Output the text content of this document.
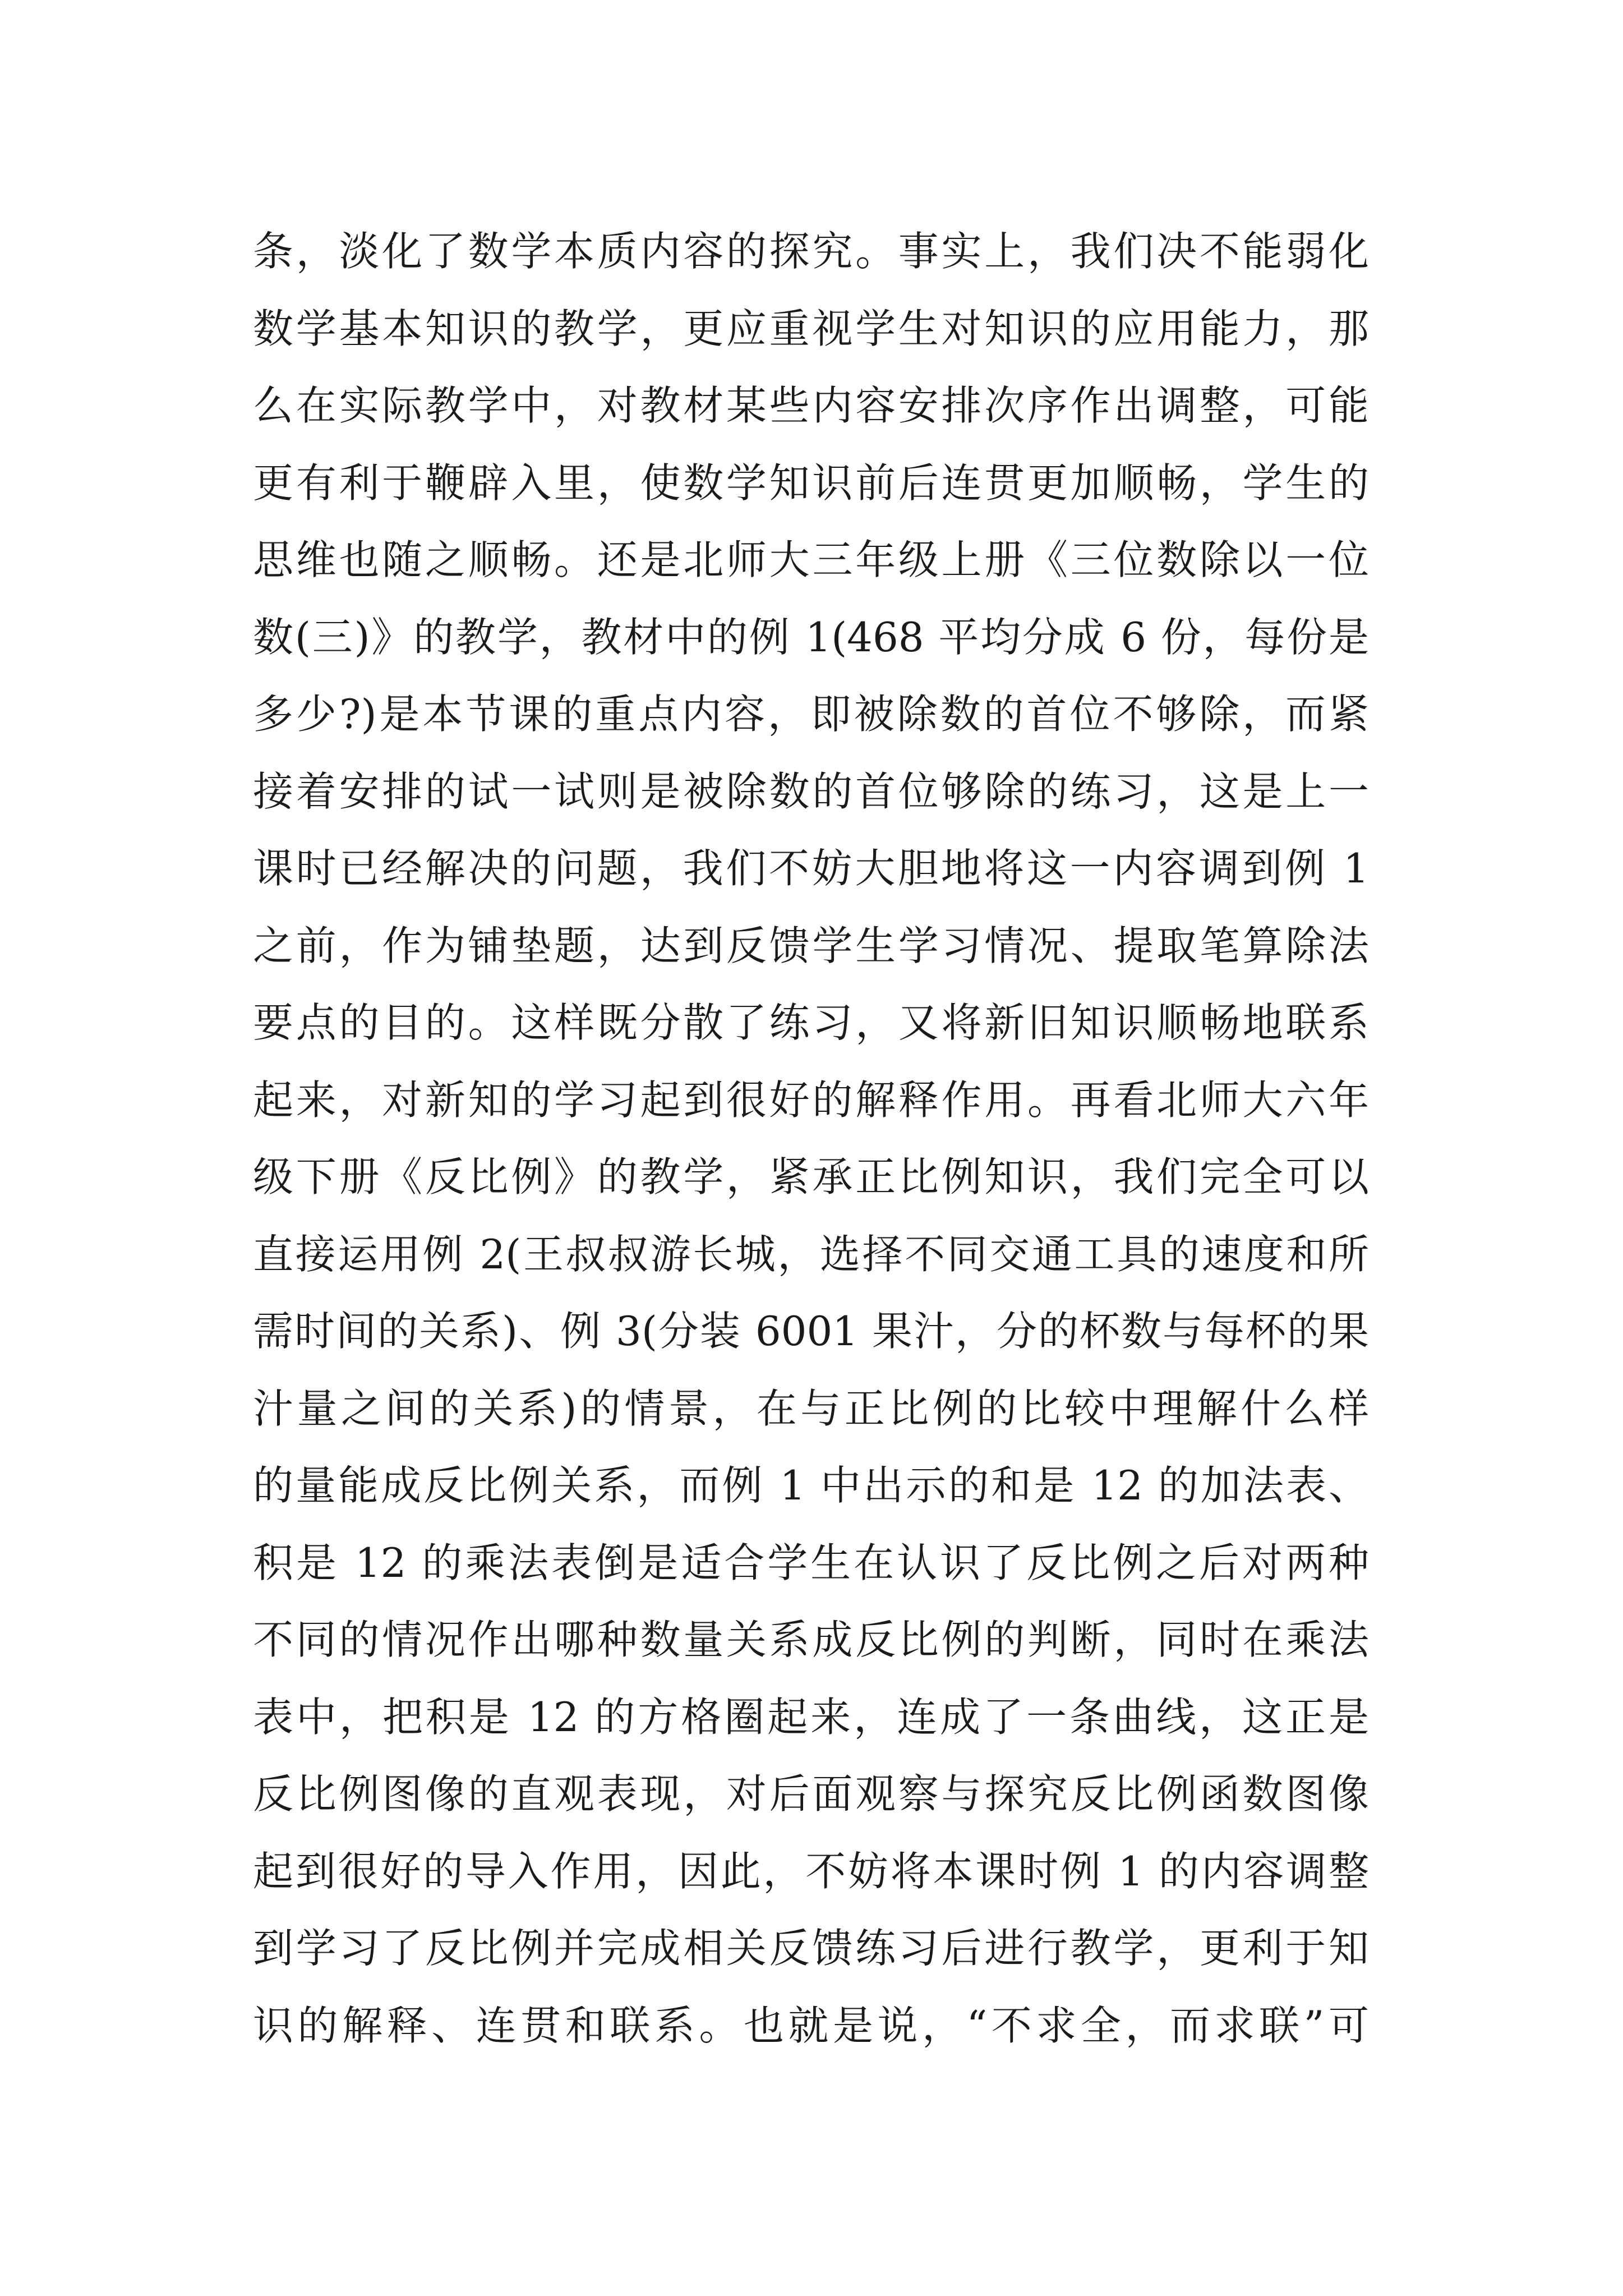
条，淡化了数学本质内容的探究。事实上，我们决不能弱化
数学基本知识的教学，更应重视学生对知识的应用能力，那
么在实际教学中，对教材某些内容安排次序作出调整，可能
更有利于鞭辟入里，使数学知识前后连贯更加顺畅，学生的
思维也随之顺畅。还是北师大三年级上册《三位数除以一位
数(三)》的教学，教材中的例 1(468 平均分成 6 份，每份是
多少?)是本节课的重点内容，即被除数的首位不够除，而紧
接着安排的试一试则是被除数的首位够除的练习，这是上一
课时已经解决的问题，我们不妨大胆地将这一内容调到例 1
之前，作为铺垫题，达到反馈学生学习情况、提取笔算除法
要点的目的。这样既分散了练习，又将新旧知识顺畅地联系
起来，对新知的学习起到很好的解释作用。再看北师大六年
级下册《反比例》的教学，紧承正比例知识，我们完全可以
直接运用例 2(王叔叔游长城，选择不同交通工具的速度和所
需时间的关系)、例 3(分装 6001 果汁，分的杯数与每杯的果
汁量之间的关系)的情景，在与正比例的比较中理解什么样
的量能成反比例关系，而例 1 中出示的和是 12 的加法表、
积是 12 的乘法表倒是适合学生在认识了反比例之后对两种
不同的情况作出哪种数量关系成反比例的判断，同时在乘法
表中，把积是 12 的方格圈起来，连成了一条曲线，这正是
反比例图像的直观表现，对后面观察与探究反比例函数图像
起到很好的导入作用，因此，不妨将本课时例 1 的内容调整
到学习了反比例并完成相关反馈练习后进行教学，更利于知
识的解释、连贯和联系。也就是说，“不求全，而求联”可
